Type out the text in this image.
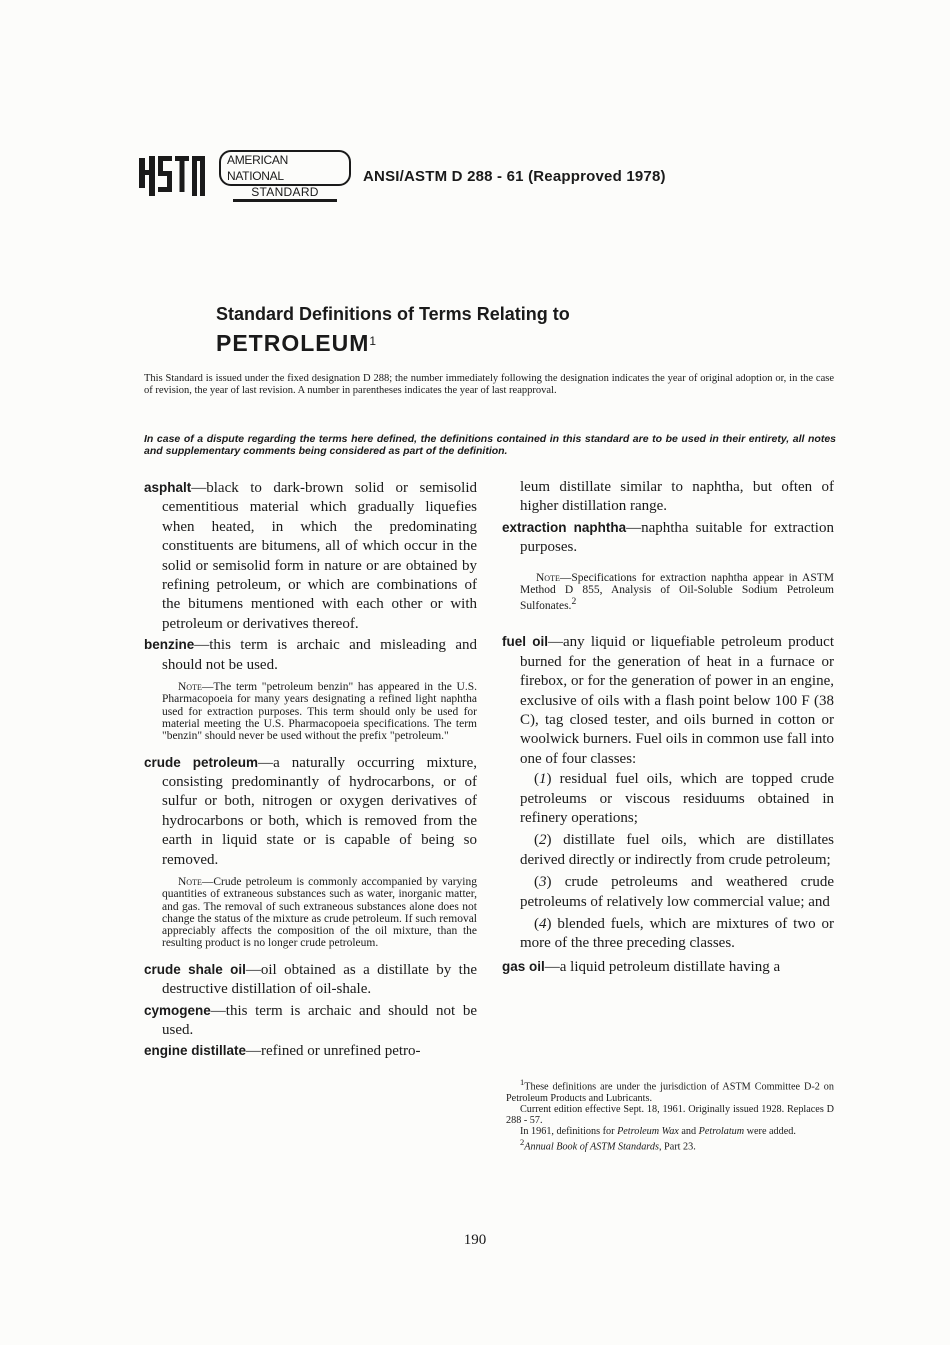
ASTM
AMERICAN NATIONAL
STANDARD
ANSI/ASTM D 288 - 61 (Reapproved 1978)
Standard Definitions of Terms Relating to
PETROLEUM$^1$
This Standard is issued under the fixed designation D 288; the number immediately following the designation indicates the year of original adoption or, in the case of revision, the year of last revision. A number in parentheses indicates the year of last reapproval.
In case of a dispute regarding the terms here defined, the definitions contained in this standard are to be used in their entirety, all notes and supplementary comments being considered as part of the definition.

asphalt—black to dark-brown solid or semisolid cementitious material which gradually liquefies when heated, in which the predominating constituents are bitumens, all of which occur in the solid or semisolid form in nature or are obtained by refining petroleum, or which are combinations of the bitumens mentioned with each other or with petroleum or derivatives thereof.

benzine—this term is archaic and misleading and should not be used.

Note—The term "petroleum benzin" has appeared in the U.S. Pharmacopoeia for many years designating a refined light naphtha used for extraction purposes. This term should only be used for material meeting the U.S. Pharmacopoeia specifications. The term "benzin" should never be used without the prefix "petroleum."

crude petroleum—a naturally occurring mixture, consisting predominantly of hydrocarbons, or of sulfur or both, nitrogen or oxygen derivatives of hydrocarbons or both, which is removed from the earth in liquid state or is capable of being so removed.

Note—Crude petroleum is commonly accompanied by varying quantities of extraneous substances such as water, inorganic matter, and gas. The removal of such extraneous substances alone does not change the status of the mixture as crude petroleum. If such removal appreciably affects the composition of the oil mixture, than the resulting product is no longer crude petroleum.

crude shale oil—oil obtained as a distillate by the destructive distillation of oil-shale.

cymogene—this term is archaic and should not be used.

engine distillate—refined or unrefined petro-

leum distillate similar to naphtha, but often of higher distillation range.

extraction naphtha—naphtha suitable for extraction purposes.

Note—Specifications for extraction naphtha appear in ASTM Method D 855, Analysis of Oil-Soluble Sodium Petroleum Sulfonates.$^2$

fuel oil—any liquid or liquefiable petroleum product burned for the generation of heat in a furnace or firebox, or for the generation of power in an engine, exclusive of oils with a flash point below 100 F (38 C), tag closed tester, and oils burned in cotton or woolwick burners. Fuel oils in common use fall into one of four classes:

(1) residual fuel oils, which are topped crude petroleums or viscous residuums obtained in refinery operations;

(2) distillate fuel oils, which are distillates derived directly or indirectly from crude petroleum;

(3) crude petroleums and weathered crude petroleums of relatively low commercial value; and

(4) blended fuels, which are mixtures of two or more of the three preceding classes.

gas oil—a liquid petroleum distillate having a

$^1$These definitions are under the jurisdiction of ASTM Committee D-2 on Petroleum Products and Lubricants.

Current edition effective Sept. 18, 1961. Originally issued 1928. Replaces D 288 - 57.

In 1961, definitions for Petroleum Wax and Petrolatum were added.

$^2$Annual Book of ASTM Standards, Part 23.

190
